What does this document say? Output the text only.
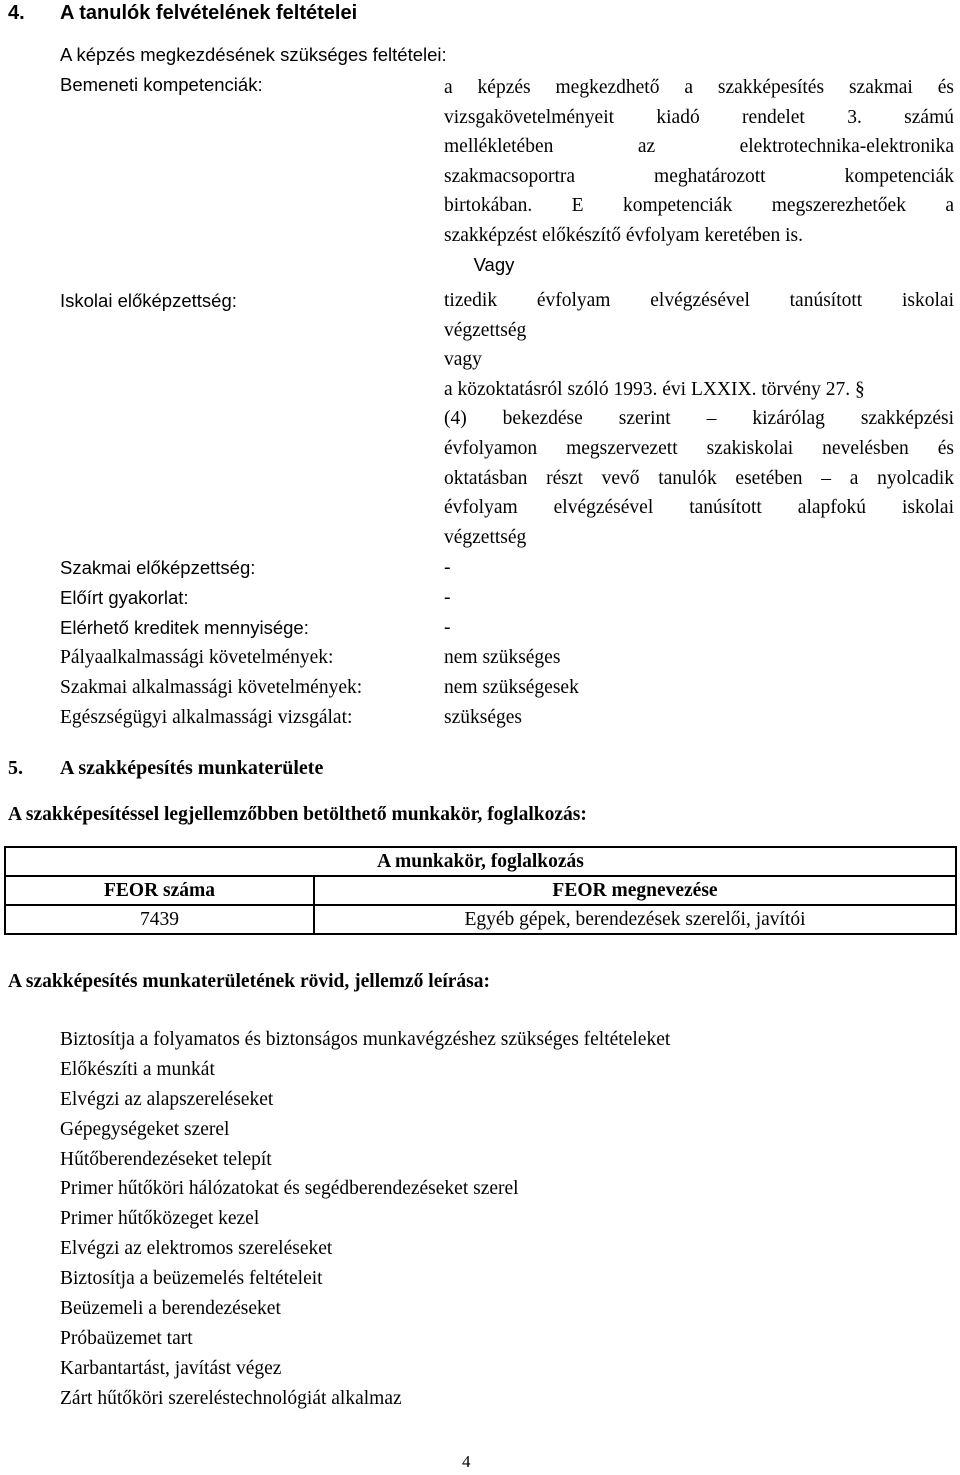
4. A tanulók felvételének feltételei
A képzés megkezdésének szükséges feltételei:
Bemeneti kompetenciák:	a képzés megkezdhető a szakképesítés szakmai és
vizsgakövetelményeit kiadó rendelet 3. számú
mellékletében az elektrotechnika-elektronika
szakmacsoportra meghatározott kompetenciák
birtokában. E kompetenciák megszerezhetőek a
szakképzést előkészítő évfolyam keretében is.
Vagy
Iskolai előképzettség:	tizedik évfolyam elvégzésével tanúsított iskolai
végzettség
vagy
a közoktatásról szóló 1993. évi LXXIX. törvény 27. §
(4) bekezdése szerint – kizárólag szakképzési
évfolyamon megszervezett szakiskolai nevelésben és
oktatásban részt vevő tanulók esetében – a nyolcadik
évfolyam elvégzésével tanúsított alapfokú iskolai
végzettség
Szakmai előképzettség:	-
Előírt gyakorlat:	-
Elérhető kreditek mennyisége:	-
Pályaalkalmassági követelmények:	nem szükséges
Szakmai alkalmassági követelmények:	nem szükségesek
Egészségügyi alkalmassági vizsgálat:	szükséges
5. A szakképesítés munkaterülete
A szakképesítéssel legjellemzőbben betölthető munkakör, foglalkozás:
A munkakör, foglalkozás	
FEOR száma	FEOR megnevezése
7439	Egyéb gépek, berendezések szerelői, javítói
A szakképesítés munkaterületének rövid, jellemző leírása:
Biztosítja a folyamatos és biztonságos munkavégzéshez szükséges feltételeket
Előkészíti a munkát
Elvégzi az alapszereléseket
Gépegységeket szerel
Hűtőberendezéseket telepít
Primer hűtőköri hálózatokat és segédberendezéseket szerel
Primer hűtőközeget kezel
Elvégzi az elektromos szereléseket
Biztosítja a beüzemelés feltételeit
Beüzemeli a berendezéseket
Próbaüzemet tart
Karbantartást, javítást végez
Zárt hűtőköri szereléstechnológiát alkalmaz
4
